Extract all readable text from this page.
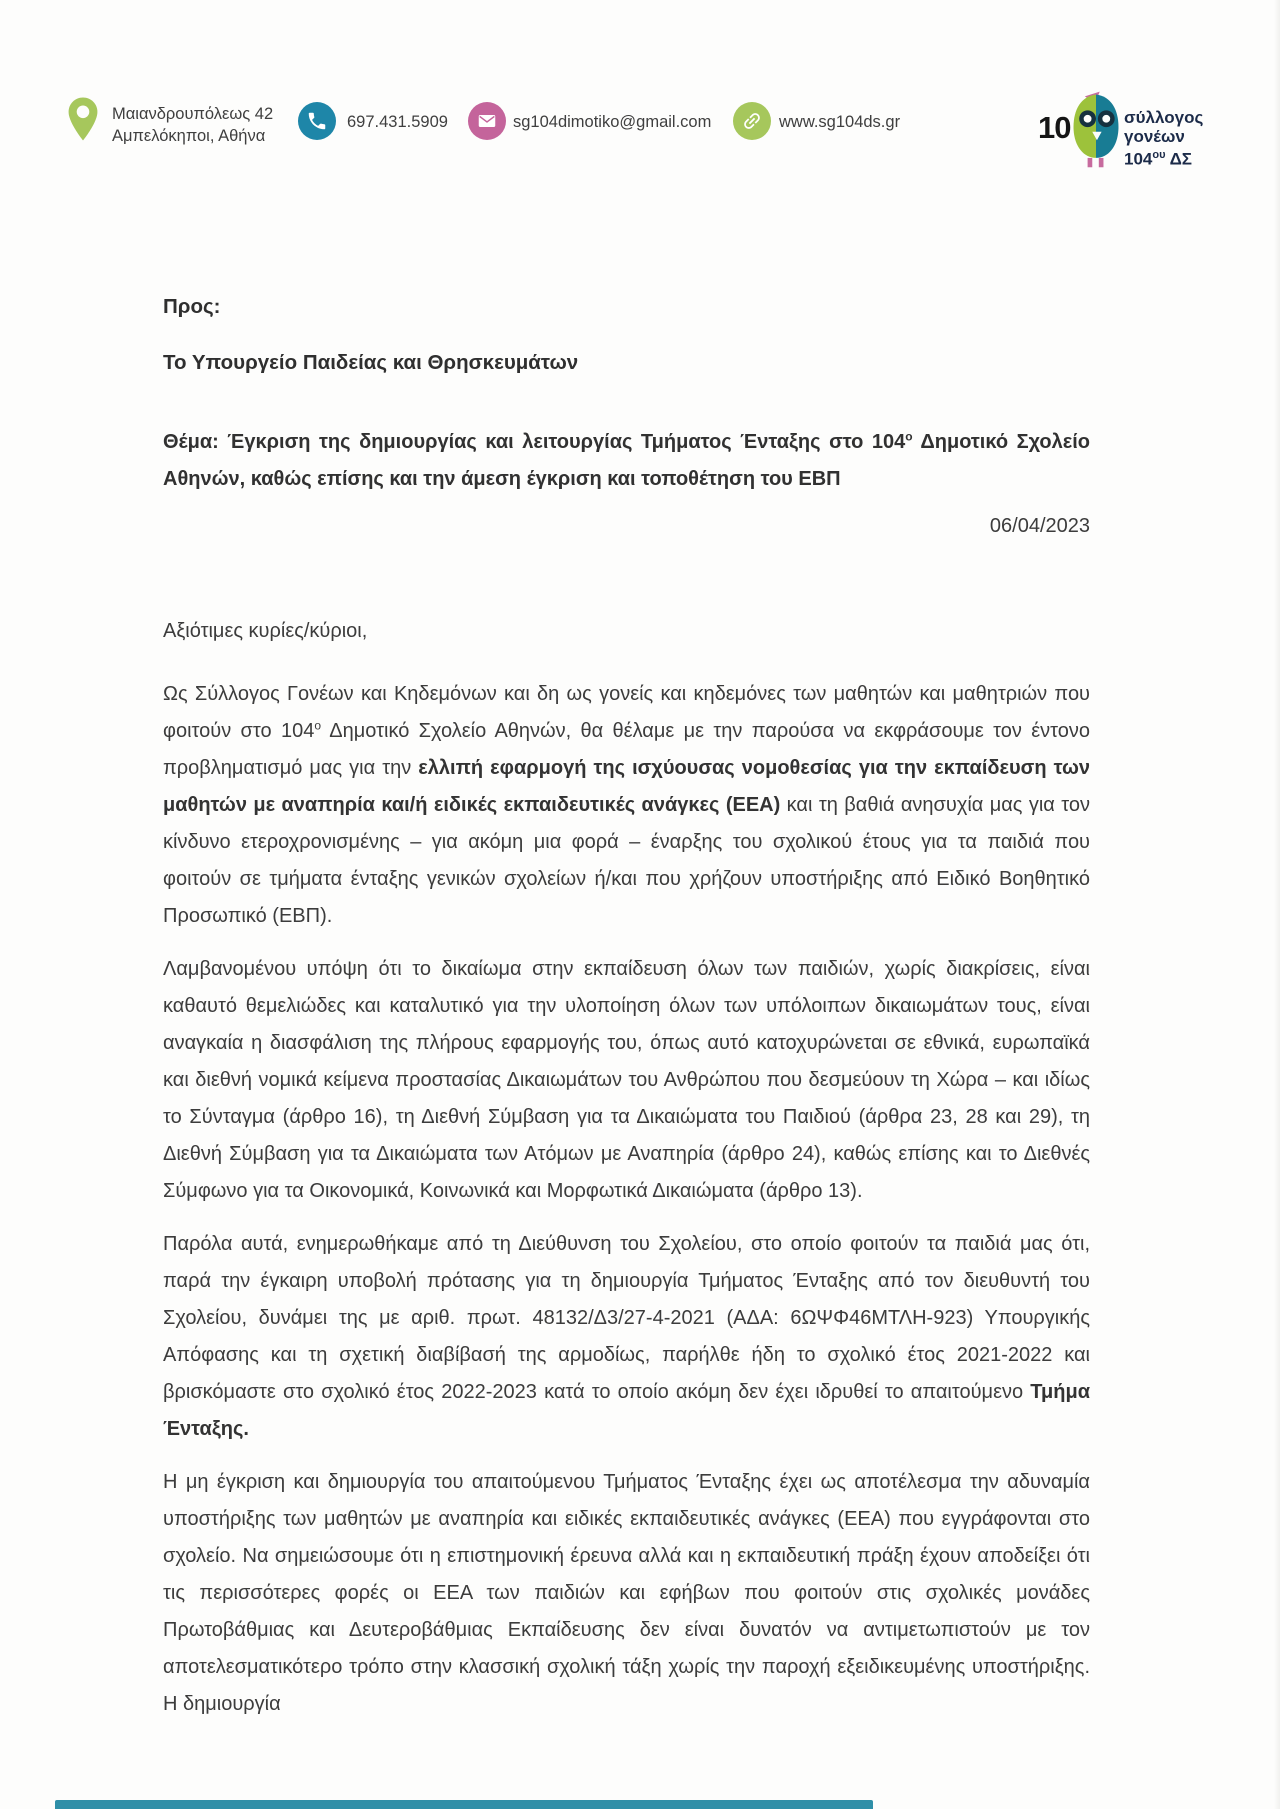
Μαιανδρουπόλεως 42
Αμπελόκηποι, Αθήνα
697.431.5909	sg104dimotiko@gmail.com	www.sg104ds.gr	10	σύλλογος
γονέων
$104^{o\upsilon}$ ΔΣ
Προς:
Το Υπουργείο Παιδείας και Θρησκευμάτων
Θέμα: Έγκριση της δημιουργίας και λειτουργίας Τμήματος Ένταξης στο $104^o$ Δημοτικό Σχολείο Αθηνών, καθώς επίσης και την άμεση έγκριση και τοποθέτηση του ΕΒΠ
06/04/2023
Αξιότιμες κυρίες/κύριοι,

Ως Σύλλογος Γονέων και Κηδεμόνων και δη ως γονείς και κηδεμόνες των μαθητών και μαθητριών που φοιτούν στο $104^o$ Δημοτικό Σχολείο Αθηνών, θα θέλαμε με την παρούσα να εκφράσουμε τον έντονο προβληματισμό μας για την ελλιπή εφαρμογή της ισχύουσας νομοθεσίας για την εκπαίδευση των μαθητών με αναπηρία και/ή ειδικές εκπαιδευτικές ανάγκες (ΕΕΑ) και τη βαθιά ανησυχία μας για τον κίνδυνο ετεροχρονισμένης – για ακόμη μια φορά – έναρξης του σχολικού έτους για τα παιδιά που φοιτούν σε τμήματα ένταξης γενικών σχολείων ή/και που χρήζουν υποστήριξης από Ειδικό Βοηθητικό Προσωπικό (ΕΒΠ).

Λαμβανομένου υπόψη ότι το δικαίωμα στην εκπαίδευση όλων των παιδιών, χωρίς διακρίσεις, είναι καθαυτό θεμελιώδες και καταλυτικό για την υλοποίηση όλων των υπόλοιπων δικαιωμάτων τους, είναι αναγκαία η διασφάλιση της πλήρους εφαρμογής του, όπως αυτό κατοχυρώνεται σε εθνικά, ευρωπαϊκά και διεθνή νομικά κείμενα προστασίας Δικαιωμάτων του Ανθρώπου που δεσμεύουν τη Χώρα – και ιδίως το Σύνταγμα (άρθρο 16), τη Διεθνή Σύμβαση για τα Δικαιώματα του Παιδιού (άρθρα 23, 28 και 29), τη Διεθνή Σύμβαση για τα Δικαιώματα των Ατόμων με Αναπηρία (άρθρο 24), καθώς επίσης και το Διεθνές Σύμφωνο για τα Οικονομικά, Κοινωνικά και Μορφωτικά Δικαιώματα (άρθρο 13).

Παρόλα αυτά, ενημερωθήκαμε από τη Διεύθυνση του Σχολείου, στο οποίο φοιτούν τα παιδιά μας ότι, παρά την έγκαιρη υποβολή πρότασης για τη δημιουργία Τμήματος Ένταξης από τον διευθυντή του Σχολείου, δυνάμει της με αριθ. πρωτ. 48132/Δ3/27-4-2021 (ΑΔΑ: 6ΩΨΦ46ΜΤΛΗ-923) Υπουργικής Απόφασης και τη σχετική διαβίβασή της αρμοδίως, παρήλθε ήδη το σχολικό έτος 2021-2022 και βρισκόμαστε στο σχολικό έτος 2022-2023 κατά το οποίο ακόμη δεν έχει ιδρυθεί το απαιτούμενο Τμήμα Ένταξης.

Η μη έγκριση και δημιουργία του απαιτούμενου Τμήματος Ένταξης έχει ως αποτέλεσμα την αδυναμία υποστήριξης των μαθητών με αναπηρία και ειδικές εκπαιδευτικές ανάγκες (ΕΕΑ) που εγγράφονται στο σχολείο. Να σημειώσουμε ότι η επιστημονική έρευνα αλλά και η εκπαιδευτική πράξη έχουν αποδείξει ότι τις περισσότερες φορές οι ΕΕΑ των παιδιών και εφήβων που φοιτούν στις σχολικές μονάδες Πρωτοβάθμιας και Δευτεροβάθμιας Εκπαίδευσης δεν είναι δυνατόν να αντιμετωπιστούν με τον αποτελεσματικότερο τρόπο στην κλασσική σχολική τάξη χωρίς την παροχή εξειδικευμένης υποστήριξης. Η δημιουργία
